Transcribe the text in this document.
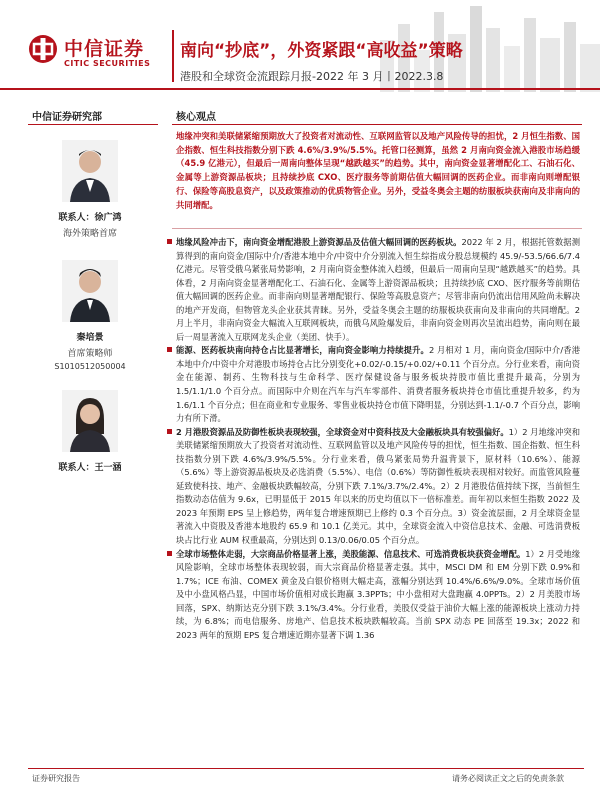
中信证券
CITIC SECURITIES
南向“抄底”，外资紧跟“高收益”策略
港股和全球资金流跟踪月报-2022 年 3 月丨2022.3.8
中信证券研究部
联系人：徐广鸿
海外策略首席
秦培景
首席策略师
S1010512050004
联系人：王一涵
核心观点
地缘冲突和美联储紧缩预期放大了投资者对流动性、互联网监管以及地产风险传导的担忧，2 月恒生指数、国企指数、恒生科技指数分别下跌 4.6%/3.9%/5.5%。托管口径测算，虽然 2 月南向资金流入港股市场趋缓（45.9 亿港元），但最后一周南向整体呈现“越跌越买”的趋势。其中，南向资金显著增配化工、石油石化、金属等上游资源品板块；且持续抄底 CXO、医疗服务等前期估值大幅回调的医药企业。而非南向则增配银行、保险等高股息资产，以及政策推动的优质物管企业。另外，受益冬奥会主题的纺服板块获南向及非南向的共同增配。

地缘风险冲击下，南向资金增配港股上游资源品及估值大幅回调的医药板块。2022 年 2 月，根据托管数据测算得到的南向资金/国际中介/香港本地中介/中资中介分别流入恒生综指成分股总规模约 45.9/-53.5/66.6/7.4 亿港元。尽管受俄乌紧张局势影响，2 月南向资金整体流入趋缓，但最后一周南向呈现“越跌越买”的趋势。具体看，2 月南向资金显著增配化工、石油石化、金属等上游资源品板块；且持续抄底 CXO、医疗服务等前期估值大幅回调的医药企业。而非南向则显著增配银行、保险等高股息资产；尽管非南向仍流出信用风险尚未解决的地产开发商，但物管龙头企业获其青睐。另外，受益冬奥会主题的纺服板块获南向及非南向的共同增配。2 月上半月，非南向资金大幅流入互联网板块，而俄乌风险爆发后，非南向资金则再次呈流出趋势，南向则在最后一周显著流入互联网龙头企业（美团、快手）。

能源、医药板块南向持仓占比显著增长，南向资金影响力持续提升。2 月相对 1 月，南向资金/国际中介/香港本地中介/中资中介对港股市场持仓占比分别变化+0.02/-0.15/+0.02/+0.11 个百分点。分行业来看，南向资金在能源、制药、生物科技与生命科学、医疗保健设备与服务板块持股市值比重提升最高，分别为 1.5/1.1/1.0 个百分点。而国际中介则在汽车与汽车零部件、消费者服务板块持仓市值比重提升较多，约为 1.6/1.1 个百分点；但在商业和专业服务、零售业板块持仓市值下降明显，分别达到-1.1/-0.7 个百分点，影响力有所下滑。

2 月港股资源品及防御性板块表现较强，全球资金对中资科技及大金融板块具有较强偏好。1）2 月地缘冲突和美联储紧缩预期放大了投资者对流动性、互联网监管以及地产风险传导的担忧，恒生指数、国企指数、恒生科技指数分别下跌 4.6%/3.9%/5.5%。分行业来看，俄乌紧张局势升温背景下，原材料（10.6%）、能源（5.6%）等上游资源品板块及必选消费（5.5%）、电信（0.6%）等防御性板块表现相对较好。而监管风险蔓延致使科技、地产、金融板块跌幅较高，分别下跌 7.1%/3.7%/2.4%。2）2 月港股估值持续下探，当前恒生指数动态估值为 9.6x，已明显低于 2015 年以来的历史均值以下一倍标准差。而年初以来恒生指数 2022 及 2023 年预期 EPS 呈上修趋势，两年复合增速预期已上修约 0.3 个百分点。3）资金流层面，2 月全球资金显著流入中资股及香港本地股约 65.9 和 10.1 亿美元。其中，全球资金流入中资信息技术、金融、可选消费板块占比行业 AUM 权重最高，分别达到 0.13/0.06/0.05 个百分点。

全球市场整体走弱，大宗商品价格显著上涨，美股能源、信息技术、可选消费板块获资金增配。1）2 月受地缘风险影响，全球市场整体表现较弱，而大宗商品价格显著走强。其中，MSCI DM 和 EM 分别下跌 0.9%和 1.7%；ICE 布油、COMEX 黄金及白银价格则大幅走高，涨幅分别达到 10.4%/6.6%/9.0%。全球市场价值及中小盘风格凸显，中国市场价值相对成长跑赢 3.3PPTs；中小盘相对大盘跑赢 4.0PPTs。2）2 月美股市场回落，SPX、纳斯达克分别下跌 3.1%/3.4%。分行业看，美股仅受益于油价大幅上涨的能源板块上涨动力持续，为 6.8%；而电信服务、房地产、信息技术板块跌幅较高。当前 SPX 动态 PE 回落至 19.3x；2022 和 2023 两年的预期 EPS 复合增速近期亦显著下调 1.36

证券研究报告	请务必阅读正文之后的免责条款
